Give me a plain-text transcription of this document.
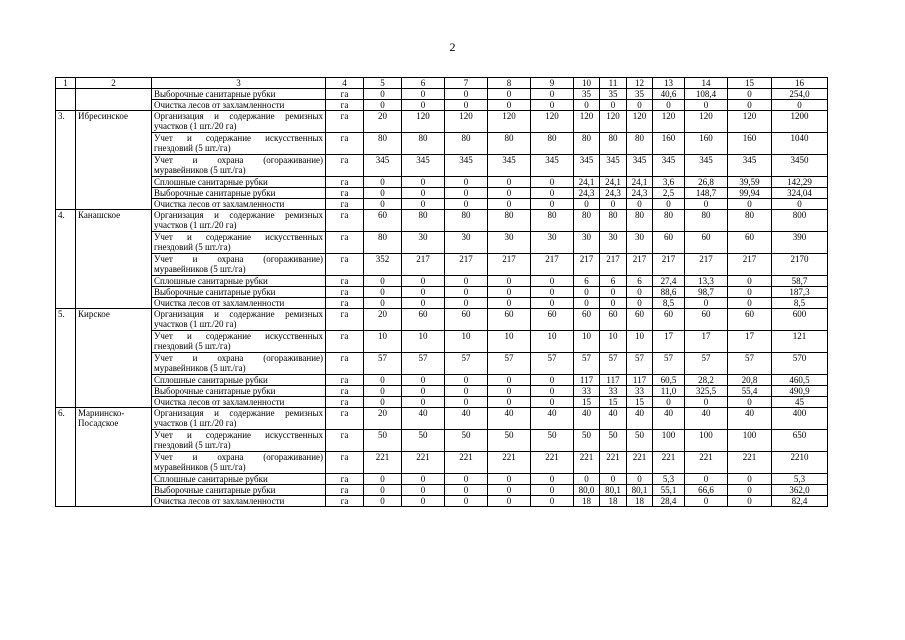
2
1	2	3	4	5	6	7	8	9	10	11	12	13	14	15	16
		Выборочные санитарные рубки	га	0	0	0	0	0	35	35	35	40,6	108,4	0	254,0
		Очистка лесов от захламленности	га	0	0	0	0	0	0	0	0	0	0	0	0
3.	Ибресинское	Организация и содержание ремизных участков (1 шт./20 га)	га	20	120	120	120	120	120	120	120	120	120	120	1200
		Учет и содержание искусственных гнездовий (5 шт./га)	га	80	80	80	80	80	80	80	80	160	160	160	1040
		Учет и охрана (огораживание) муравейников (5 шт./га)	га	345	345	345	345	345	345	345	345	345	345	345	3450
		Сплошные санитарные рубки	га	0	0	0	0	0	24,1	24,1	24,1	3,6	26,8	39,59	142,29
		Выборочные санитарные рубки	га	0	0	0	0	0	24,3	24,3	24,3	2,5	148,7	99,94	324,04
		Очистка лесов от захламленности	га	0	0	0	0	0	0	0	0	0	0	0	0
4.	Канашское	Организация и содержание ремизных участков (1 шт./20 га)	га	60	80	80	80	80	80	80	80	80	80	80	800
		Учет и содержание искусственных гнездовий (5 шт./га)	га	80	30	30	30	30	30	30	30	60	60	60	390
		Учет и охрана (огораживание) муравейников (5 шт./га)	га	352	217	217	217	217	217	217	217	217	217	217	2170
		Сплошные санитарные рубки	га	0	0	0	0	0	6	6	6	27,4	13,3	0	58,7
		Выборочные санитарные рубки	га	0	0	0	0	0	0	0	0	88,6	98,7	0	187,3
		Очистка лесов от захламленности	га	0	0	0	0	0	0	0	0	8,5	0	0	8,5
5.	Кирское	Организация и содержание ремизных участков (1 шт./20 га)	га	20	60	60	60	60	60	60	60	60	60	60	600
		Учет и содержание искусственных гнездовий (5 шт./га)	га	10	10	10	10	10	10	10	10	17	17	17	121
		Учет и охрана (огораживание) муравейников (5 шт./га)	га	57	57	57	57	57	57	57	57	57	57	57	570
		Сплошные санитарные рубки	га	0	0	0	0	0	117	117	117	60,5	28,2	20,8	460,5
		Выборочные санитарные рубки	га	0	0	0	0	0	33	33	33	11,0	325,5	55,4	490,9
		Очистка лесов от захламленности	га	0	0	0	0	0	15	15	15	0	0	0	45
6.	Мариинско-Посадское	Организация и содержание ремизных участков (1 шт./20 га)	га	20	40	40	40	40	40	40	40	40	40	40	400
		Учет и содержание искусственных гнездовий (5 шт./га)	га	50	50	50	50	50	50	50	50	100	100	100	650
		Учет и охрана (огораживание) муравейников (5 шт./га)	га	221	221	221	221	221	221	221	221	221	221	221	2210
		Сплошные санитарные рубки	га	0	0	0	0	0	0	0	0	5,3	0	0	5,3
		Выборочные санитарные рубки	га	0	0	0	0	0	80,0	80,1	80,1	55,1	66,6	0	362,0
		Очистка лесов от захламленности	га	0	0	0	0	0	18	18	18	28,4	0	0	82,4
